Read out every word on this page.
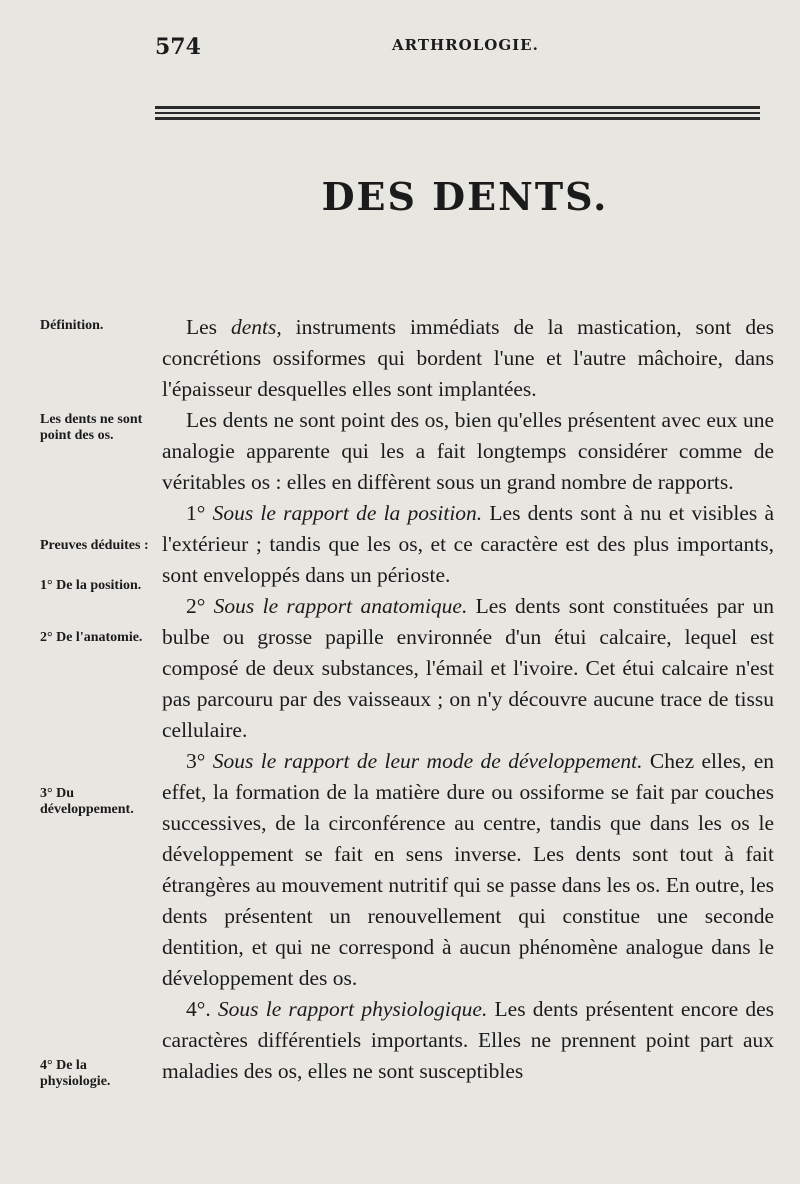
574	ARTHROLOGIE.
DES DENTS.
Définition.
Les dents ne sont point des os.
Preuves déduites :
1° De la position.
2° De l'anatomie.
3° Du développement.
4° De la physiologie.

Les dents, instruments immédiats de la mastication, sont des concrétions ossiformes qui bordent l'une et l'autre mâchoire, dans l'épaisseur desquelles elles sont implantées.

Les dents ne sont point des os, bien qu'elles présentent avec eux une analogie apparente qui les a fait longtemps considérer comme de véritables os : elles en diffèrent sous un grand nombre de rapports.

1° Sous le rapport de la position. Les dents sont à nu et visibles à l'extérieur ; tandis que les os, et ce caractère est des plus importants, sont enveloppés dans un périoste.

2° Sous le rapport anatomique. Les dents sont constituées par un bulbe ou grosse papille environnée d'un étui calcaire, lequel est composé de deux substances, l'émail et l'ivoire. Cet étui calcaire n'est pas parcouru par des vaisseaux ; on n'y découvre aucune trace de tissu cellulaire.

3° Sous le rapport de leur mode de développement. Chez elles, en effet, la formation de la matière dure ou ossiforme se fait par couches successives, de la circonférence au centre, tandis que dans les os le développement se fait en sens inverse. Les dents sont tout à fait étrangères au mouvement nutritif qui se passe dans les os. En outre, les dents présentent un renouvellement qui constitue une seconde dentition, et qui ne correspond à aucun phénomène analogue dans le développement des os.

4°. Sous le rapport physiologique. Les dents présentent encore des caractères différentiels importants. Elles ne prennent point part aux maladies des os, elles ne sont susceptibles
